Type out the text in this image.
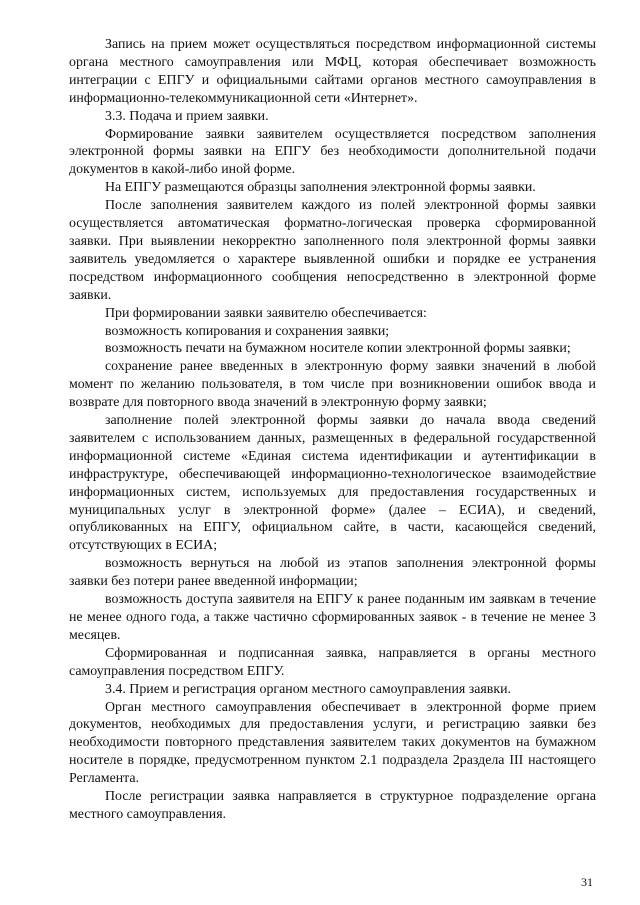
Запись на прием может осуществляться посредством информационной системы органа местного самоуправления или МФЦ, которая обеспечивает возможность интеграции с ЕПГУ и официальными сайтами органов местного самоуправления в информационно-телекоммуникационной сети «Интернет».

3.3. Подача и прием заявки.

Формирование заявки заявителем осуществляется посредством заполнения электронной формы заявки на ЕПГУ без необходимости дополнительной подачи документов в какой-либо иной форме.

На ЕПГУ размещаются образцы заполнения электронной формы заявки.

После заполнения заявителем каждого из полей электронной формы заявки осуществляется автоматическая форматно-логическая проверка сформированной заявки. При выявлении некорректно заполненного поля электронной формы заявки заявитель уведомляется о характере выявленной ошибки и порядке ее устранения посредством информационного сообщения непосредственно в электронной форме заявки.

При формировании заявки заявителю обеспечивается:

возможность копирования и сохранения заявки;

возможность печати на бумажном носителе копии электронной формы заявки;

сохранение ранее введенных в электронную форму заявки значений в любой момент по желанию пользователя, в том числе при возникновении ошибок ввода и возврате для повторного ввода значений в электронную форму заявки;

заполнение полей электронной формы заявки до начала ввода сведений заявителем с использованием данных, размещенных в федеральной государственной информационной системе «Единая система идентификации и аутентификации в инфраструктуре, обеспечивающей информационно-технологическое взаимодействие информационных систем, используемых для предоставления государственных и муниципальных услуг в электронной форме» (далее – ЕСИА), и сведений, опубликованных на ЕПГУ, официальном сайте, в части, касающейся сведений, отсутствующих в ЕСИА;

возможность вернуться на любой из этапов заполнения электронной формы заявки без потери ранее введенной информации;

возможность доступа заявителя на ЕПГУ к ранее поданным им заявкам в течение не менее одного года, а также частично сформированных заявок - в течение не менее 3 месяцев.

Сформированная и подписанная заявка, направляется в органы местного самоуправления посредством ЕПГУ.

3.4. Прием и регистрация органом местного самоуправления заявки.

Орган местного самоуправления обеспечивает в электронной форме прием документов, необходимых для предоставления услуги, и регистрацию заявки без необходимости повторного представления заявителем таких документов на бумажном носителе в порядке, предусмотренном пунктом 2.1 подраздела 2раздела III настоящего Регламента.

После регистрации заявка направляется в структурное подразделение органа местного самоуправления.

31
